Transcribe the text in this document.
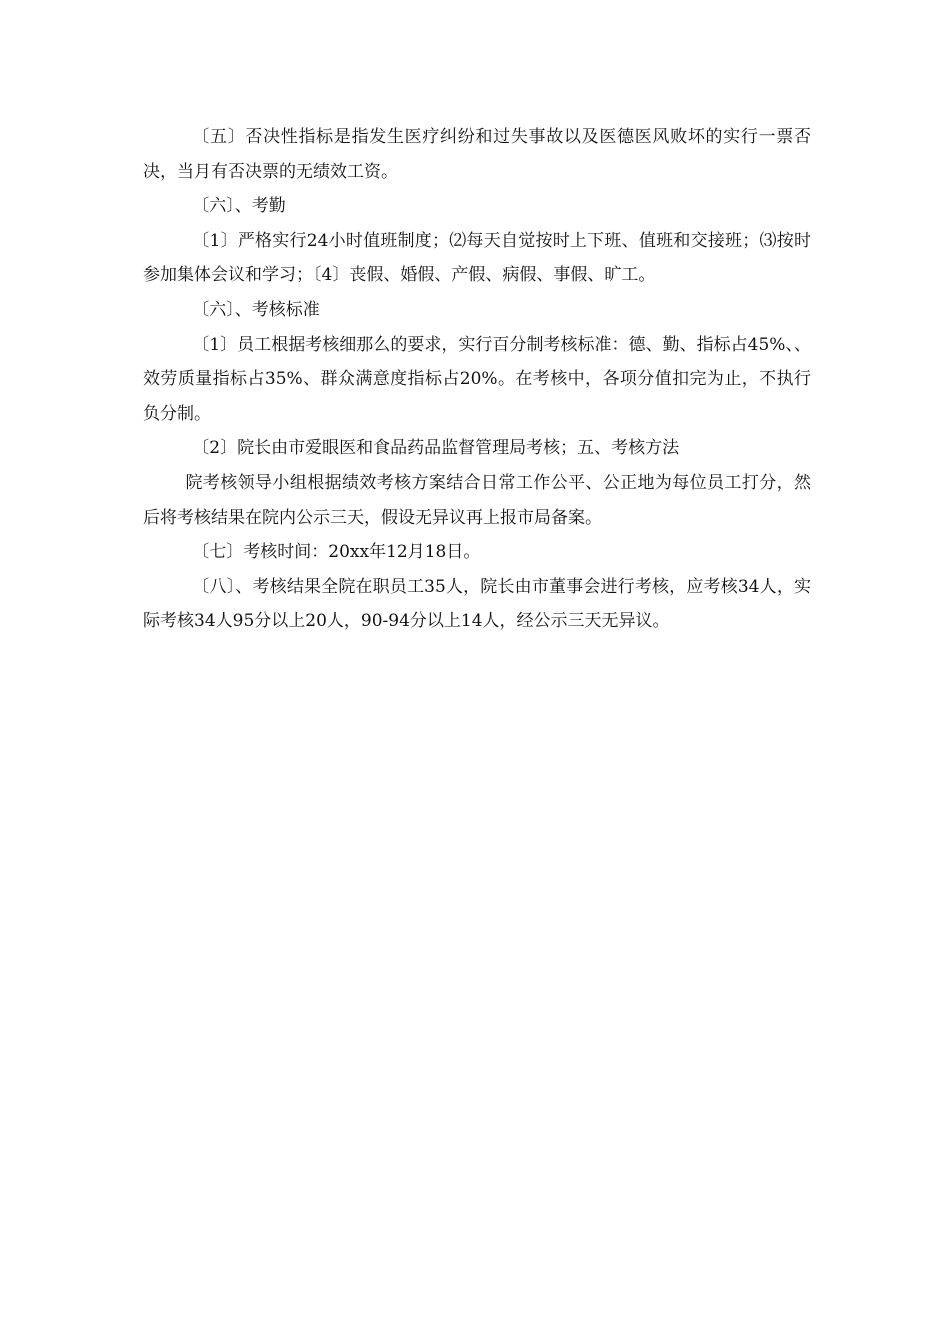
〔五〕否决性指标是指发生医疗纠纷和过失事故以及医德医风败坏的实行一票否决，当月有否决票的无绩效工资。

〔六〕、考勤

〔1〕严格实行24小时值班制度；⑵每天自觉按时上下班、值班和交接班；⑶按时参加集体会议和学习；〔4〕丧假、婚假、产假、病假、事假、旷工。

〔六〕、考核标准

〔1〕员工根据考核细那么的要求，实行百分制考核标准：德、勤、指标占45%、、效劳质量指标占35%、群众满意度指标占20%。在考核中，各项分值扣完为止，不执行负分制。

〔2〕院长由市爱眼医和食品药品监督管理局考核；五、考核方法

院考核领导小组根据绩效考核方案结合日常工作公平、公正地为每位员工打分，然后将考核结果在院内公示三天，假设无异议再上报市局备案。

〔七〕考核时间：20xx年12月18日。

〔八〕、考核结果全院在职员工35人，院长由市董事会进行考核，应考核34人，实际考核34人95分以上20人，90-94分以上14人，经公示三天无异议。
